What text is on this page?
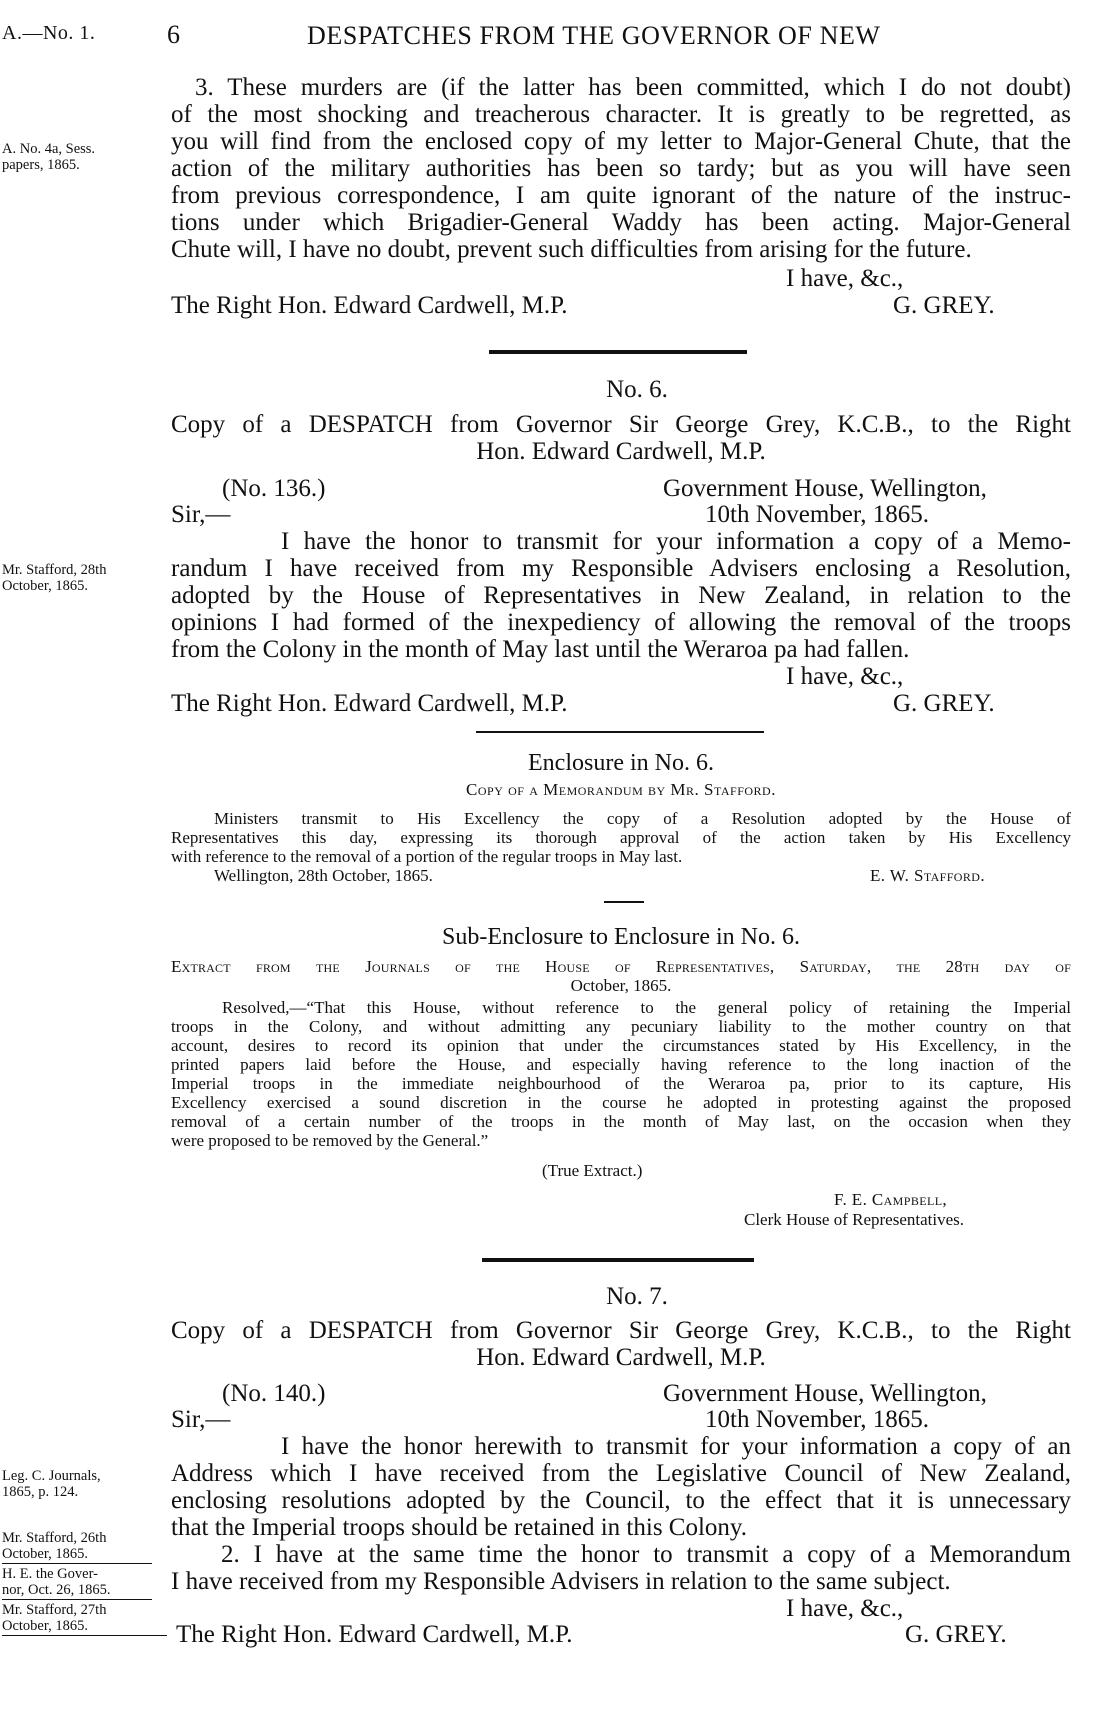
A.—No. 1.	6	DESPATCHES FROM THE GOVERNOR OF NEW
3. These murders are (if the latter has been committed, which I do not doubt)
of the most shocking and treacherous character. It is greatly to be regretted, as
you will find from the enclosed copy of my letter to Major-General Chute, that the
action of the military authorities has been so tardy; but as you will have seen
from previous correspondence, I am quite ignorant of the nature of the instruc-
tions under which Brigadier-General Waddy has been acting. Major-General
Chute will, I have no doubt, prevent such difficulties from arising for the future.
A. No. 4a, Sess.
papers, 1865.
I have, &c.,
The Right Hon. Edward Cardwell, M.P.	G. GREY.
No. 6.
Copy of a DESPATCH from Governor Sir George Grey, K.C.B., to the Right
Hon. Edward Cardwell, M.P.
(No. 136.)	Government House, Wellington,
Sir,—	10th November, 1865.
I have the honor to transmit for your information a copy of a Memo-
randum I have received from my Responsible Advisers enclosing a Resolution,
adopted by the House of Representatives in New Zealand, in relation to the
opinions I had formed of the inexpediency of allowing the removal of the troops
from the Colony in the month of May last until the Weraroa pa had fallen.
Mr. Stafford, 28th
October, 1865.
I have, &c.,
The Right Hon. Edward Cardwell, M.P.	G. GREY.
Enclosure in No. 6.
Copy of a Memorandum by Mr. Stafford.
Ministers transmit to His Excellency the copy of a Resolution adopted by the House of
Representatives this day, expressing its thorough approval of the action taken by His Excellency
with reference to the removal of a portion of the regular troops in May last.
Wellington, 28th October, 1865.	E. W. Stafford.
Sub-Enclosure to Enclosure in No. 6.
Extract from the Journals of the House of Representatives, Saturday, the 28th day of
October, 1865.
Resolved,—“That this House, without reference to the general policy of retaining the Imperial
troops in the Colony, and without admitting any pecuniary liability to the mother country on that
account, desires to record its opinion that under the circumstances stated by His Excellency, in the
printed papers laid before the House, and especially having reference to the long inaction of the
Imperial troops in the immediate neighbourhood of the Weraroa pa, prior to its capture, His
Excellency exercised a sound discretion in the course he adopted in protesting against the proposed
removal of a certain number of the troops in the month of May last, on the occasion when they
were proposed to be removed by the General.”
(True Extract.)
F. E. Campbell,
Clerk House of Representatives.
No. 7.
Copy of a DESPATCH from Governor Sir George Grey, K.C.B., to the Right
Hon. Edward Cardwell, M.P.
(No. 140.)	Government House, Wellington,
Sir,—	10th November, 1865.
I have the honor herewith to transmit for your information a copy of an
Address which I have received from the Legislative Council of New Zealand,
enclosing resolutions adopted by the Council, to the effect that it is unnecessary
that the Imperial troops should be retained in this Colony.
2. I have at the same time the honor to transmit a copy of a Memorandum
I have received from my Responsible Advisers in relation to the same subject.
Leg. C. Journals,
1865, p. 124.
Mr. Stafford, 26th
October, 1865.
H. E. the Gover-
nor, Oct. 26, 1865.
Mr. Stafford, 27th
October, 1865.
I have, &c.,
The Right Hon. Edward Cardwell, M.P.	G. GREY.
